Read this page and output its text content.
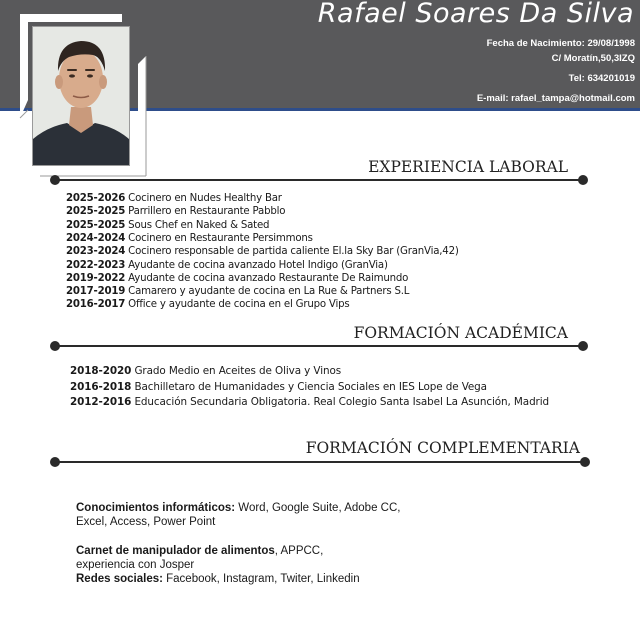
Rafael Soares Da Silva
Fecha de Nacimiento: 29/08/1998
C/ Moratín,50,3IZQ
Tel: 634201019
E-mail: rafael_tampa@hotmail.com
EXPERIENCIA LABORAL
2025-2026 Cocinero en Nudes Healthy Bar
2025-2025 Parrillero en Restaurante Pabblo
2025-2025 Sous Chef en Naked & Sated
2024-2024 Cocinero en Restaurante Persimmons
2023-2024 Cocinero responsable de partida caliente El.la Sky Bar (GranVia,42)
2022-2023 Ayudante de cocina avanzado Hotel Indigo (GranVia)
2019-2022 Ayudante de cocina avanzado Restaurante De Raimundo
2017-2019 Camarero y ayudante de cocina en La Rue & Partners S.L
2016-2017 Office y ayudante de cocina en el Grupo Vips
FORMACIÓN ACADÉMICA
2018-2020 Grado Medio en Aceites de Oliva y Vinos
2016-2018 Bachilletaro de Humanidades y Ciencia Sociales en IES Lope de Vega
2012-2016 Educación Secundaria Obligatoria. Real Colegio Santa Isabel La Asunción, Madrid
FORMACIÓN COMPLEMENTARIA
Conocimientos informáticos: Word, Google Suite, Adobe CC,
Excel, Access, Power Point
Carnet de manipulador de alimentos, APPCC,
experiencia con Josper
Redes sociales: Facebook, Instagram, Twiter, Linkedin
